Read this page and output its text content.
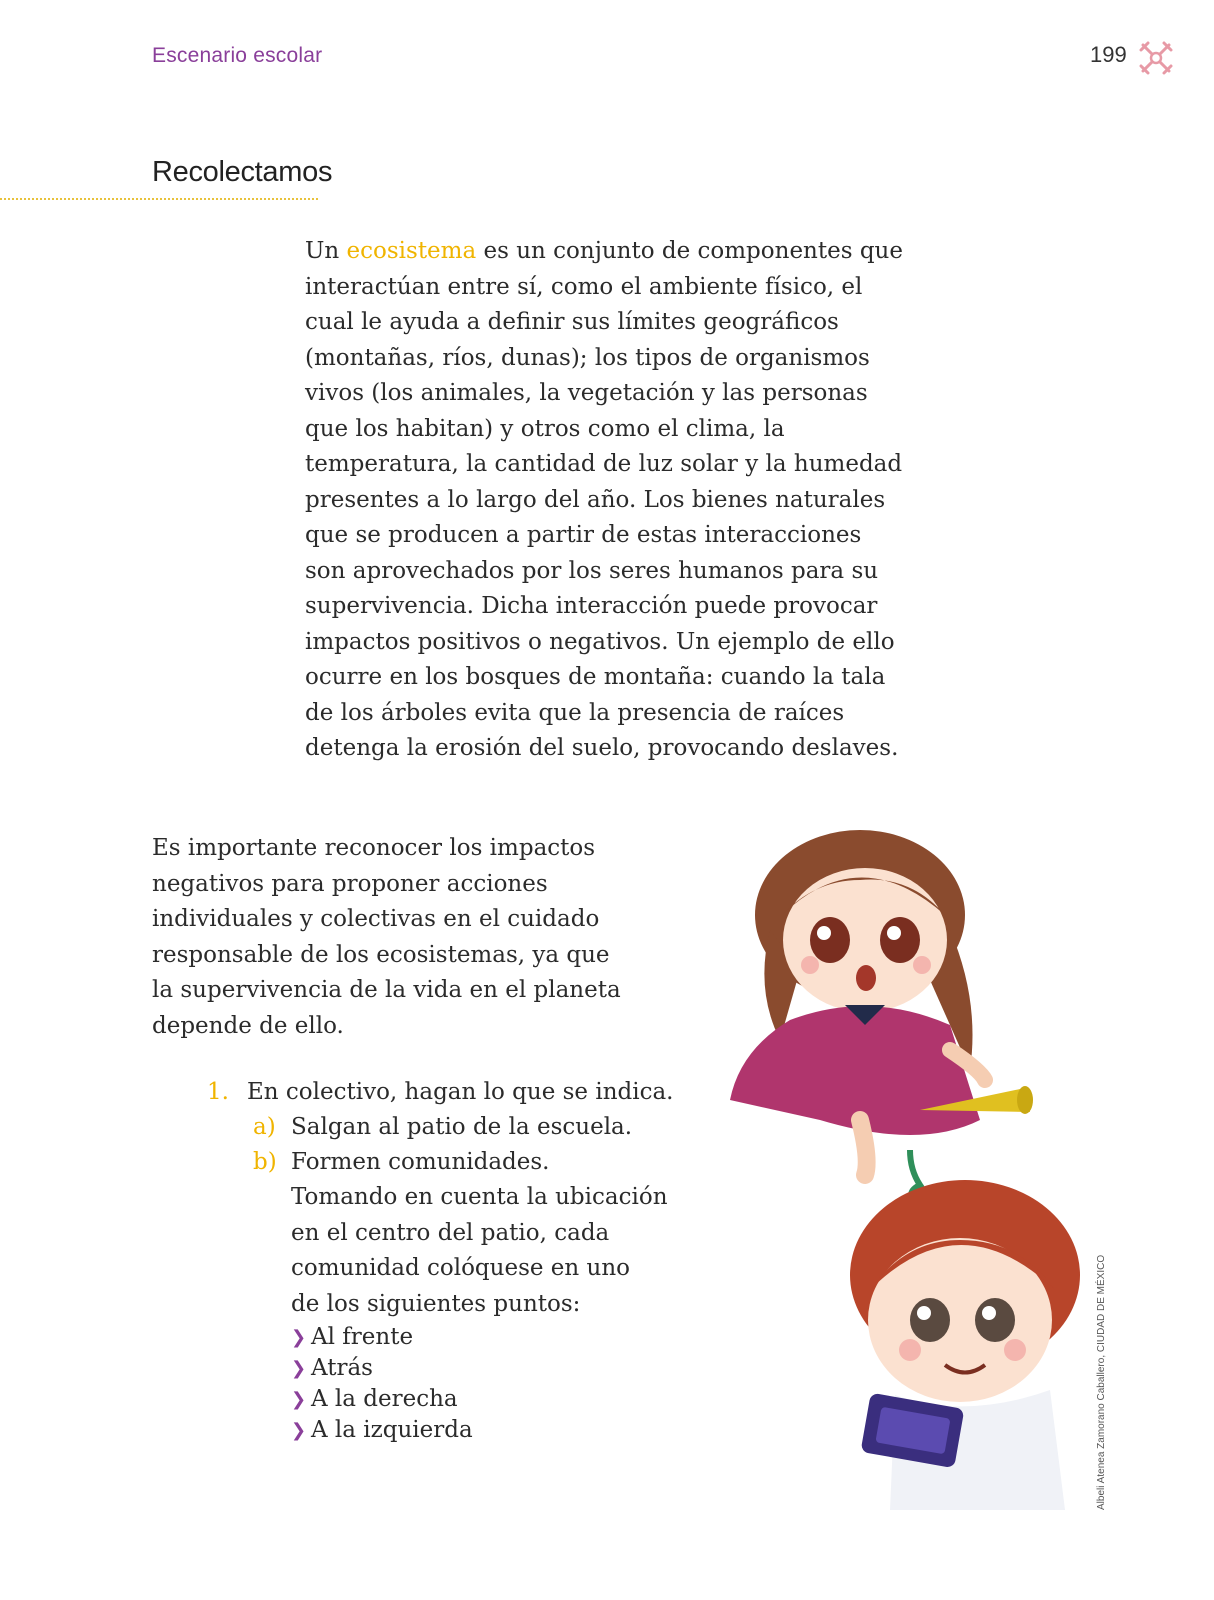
Escenario escolar	199
Recolectamos

Un ecosistema es un conjunto de componentes que interactúan entre sí, como el ambiente físico, el cual le ayuda a definir sus límites geográficos (montañas, ríos, dunas); los tipos de organismos vivos (los animales, la vegetación y las personas que los habitan) y otros como el clima, la temperatura, la cantidad de luz solar y la humedad presentes a lo largo del año. Los bienes naturales que se producen a partir de estas interacciones son aprovechados por los seres humanos para su supervivencia. Dicha interacción puede provocar impactos positivos o negativos. Un ejemplo de ello ocurre en los bosques de montaña: cuando la tala de los árboles evita que la presencia de raíces detenga la erosión del suelo, provocando deslaves.

Es importante reconocer los impactos negativos para proponer acciones individuales y colectivas en el cuidado responsable de los ecosistemas, ya que la supervivencia de la vida en el planeta depende de ello.

1. En colectivo, hagan lo que se indica.
a) Salgan al patio de la escuela.
b) Formen comunidades.
Tomando en cuenta la ubicación
en el centro del patio, cada
comunidad colóquese en uno
de los siguientes puntos:
❯ Al frente
❯ Atrás
❯ A la derecha
❯ A la izquierda	Albeli Atenea Zamorano Caballero, CIUDAD DE MÉXICO
